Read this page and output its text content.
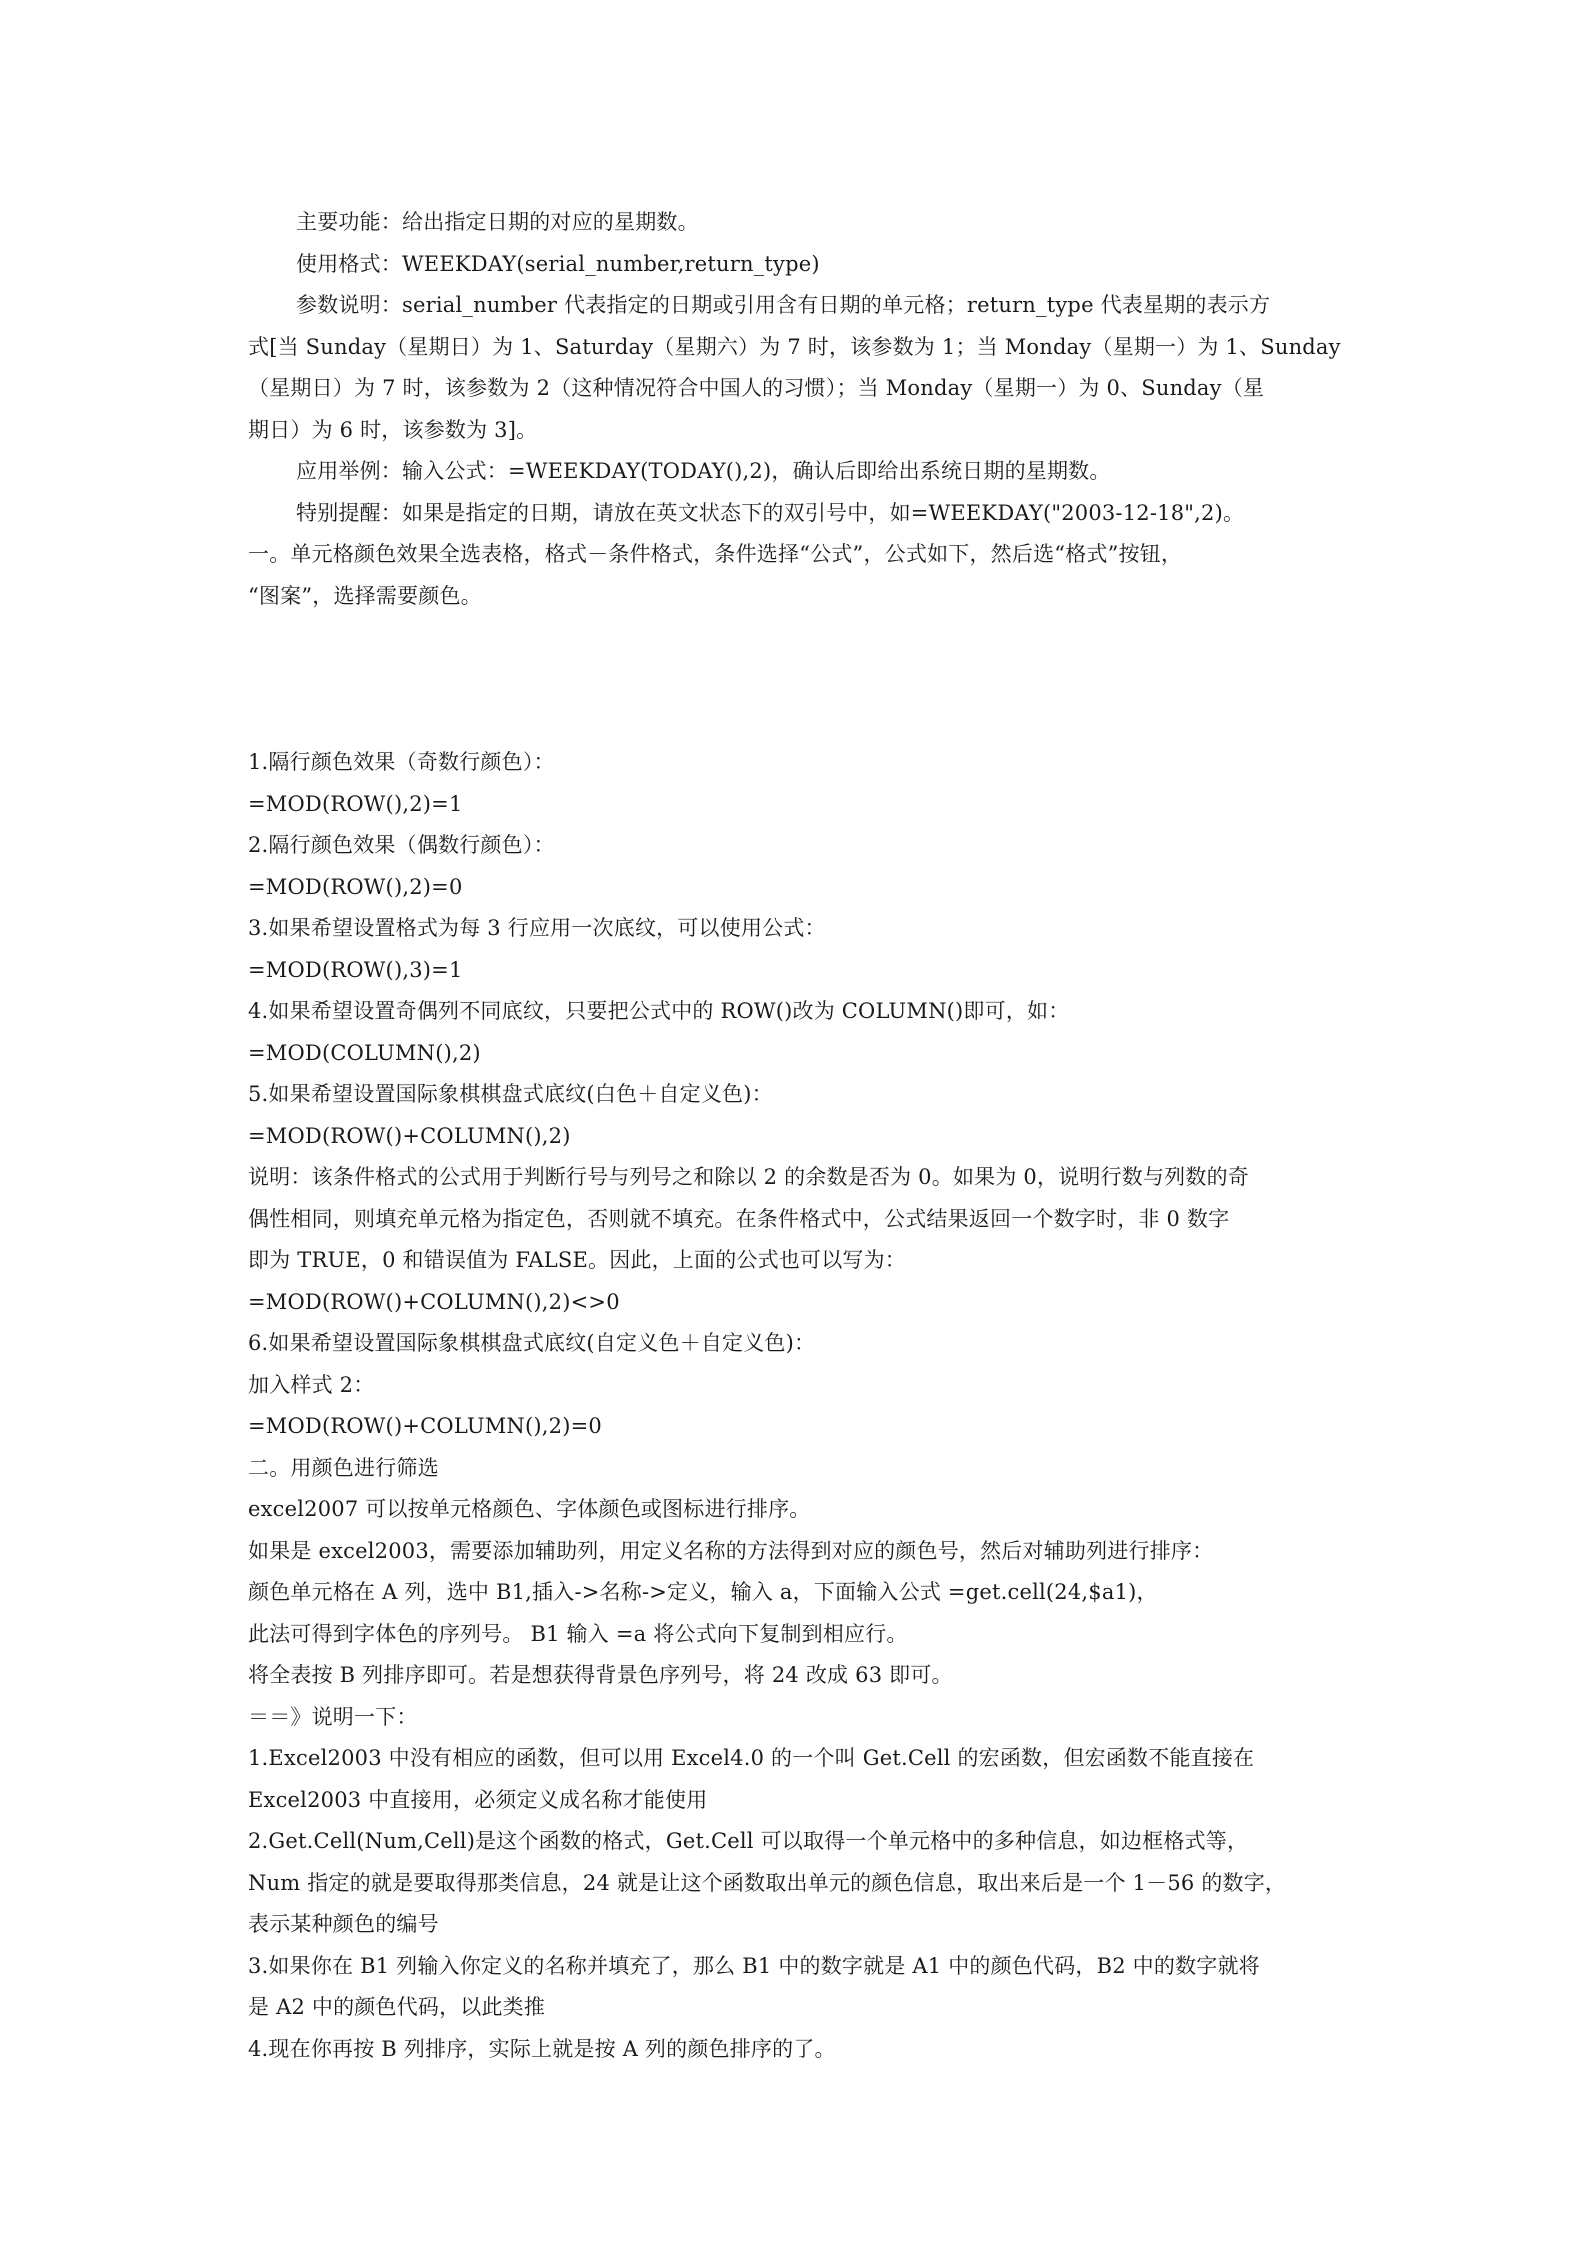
主要功能：给出指定日期的对应的星期数。
使用格式：WEEKDAY(serial_number,return_type)
参数说明：serial_number 代表指定的日期或引用含有日期的单元格；return_type 代表星期的表示方
式[当 Sunday（星期日）为 1、Saturday（星期六）为 7 时，该参数为 1；当 Monday（星期一）为 1、Sunday
（星期日）为 7 时，该参数为 2（这种情况符合中国人的习惯）；当 Monday（星期一）为 0、Sunday（星
期日）为 6 时，该参数为 3]。
应用举例：输入公式：=WEEKDAY(TODAY(),2)，确认后即给出系统日期的星期数。
特别提醒：如果是指定的日期，请放在英文状态下的双引号中，如=WEEKDAY("2003-12-18",2)。
一。单元格颜色效果全选表格，格式－条件格式，条件选择“公式”，公式如下，然后选“格式”按钮，
“图案”，选择需要颜色。
1.隔行颜色效果（奇数行颜色）：
=MOD(ROW(),2)=1
2.隔行颜色效果（偶数行颜色）：
=MOD(ROW(),2)=0
3.如果希望设置格式为每 3 行应用一次底纹，可以使用公式：
=MOD(ROW(),3)=1
4.如果希望设置奇偶列不同底纹，只要把公式中的 ROW()改为 COLUMN()即可，如：
=MOD(COLUMN(),2)
5.如果希望设置国际象棋棋盘式底纹(白色＋自定义色)：
=MOD(ROW()+COLUMN(),2)
说明：该条件格式的公式用于判断行号与列号之和除以 2 的余数是否为 0。如果为 0，说明行数与列数的奇
偶性相同，则填充单元格为指定色，否则就不填充。在条件格式中，公式结果返回一个数字时，非 0 数字
即为 TRUE，0 和错误值为 FALSE。因此，上面的公式也可以写为：
=MOD(ROW()+COLUMN(),2)<>0
6.如果希望设置国际象棋棋盘式底纹(自定义色＋自定义色)：
加入样式 2：
=MOD(ROW()+COLUMN(),2)=0
二。用颜色进行筛选
excel2007 可以按单元格颜色、字体颜色或图标进行排序。
如果是 excel2003，需要添加辅助列，用定义名称的方法得到对应的颜色号，然后对辅助列进行排序：
颜色单元格在 A 列，选中 B1,插入->名称->定义，输入 a，下面输入公式 =get.cell(24,$a1)，
此法可得到字体色的序列号。 B1 输入 =a 将公式向下复制到相应行。
将全表按 B 列排序即可。若是想获得背景色序列号，将 24 改成 63 即可。
＝＝》说明一下：
1.Excel2003 中没有相应的函数，但可以用 Excel4.0 的一个叫 Get.Cell 的宏函数，但宏函数不能直接在
Excel2003 中直接用，必须定义成名称才能使用
2.Get.Cell(Num,Cell)是这个函数的格式，Get.Cell 可以取得一个单元格中的多种信息，如边框格式等，
Num 指定的就是要取得那类信息，24 就是让这个函数取出单元的颜色信息，取出来后是一个 1－56 的数字，
表示某种颜色的编号
3.如果你在 B1 列输入你定义的名称并填充了，那么 B1 中的数字就是 A1 中的颜色代码，B2 中的数字就将
是 A2 中的颜色代码，以此类推
4.现在你再按 B 列排序，实际上就是按 A 列的颜色排序的了。
